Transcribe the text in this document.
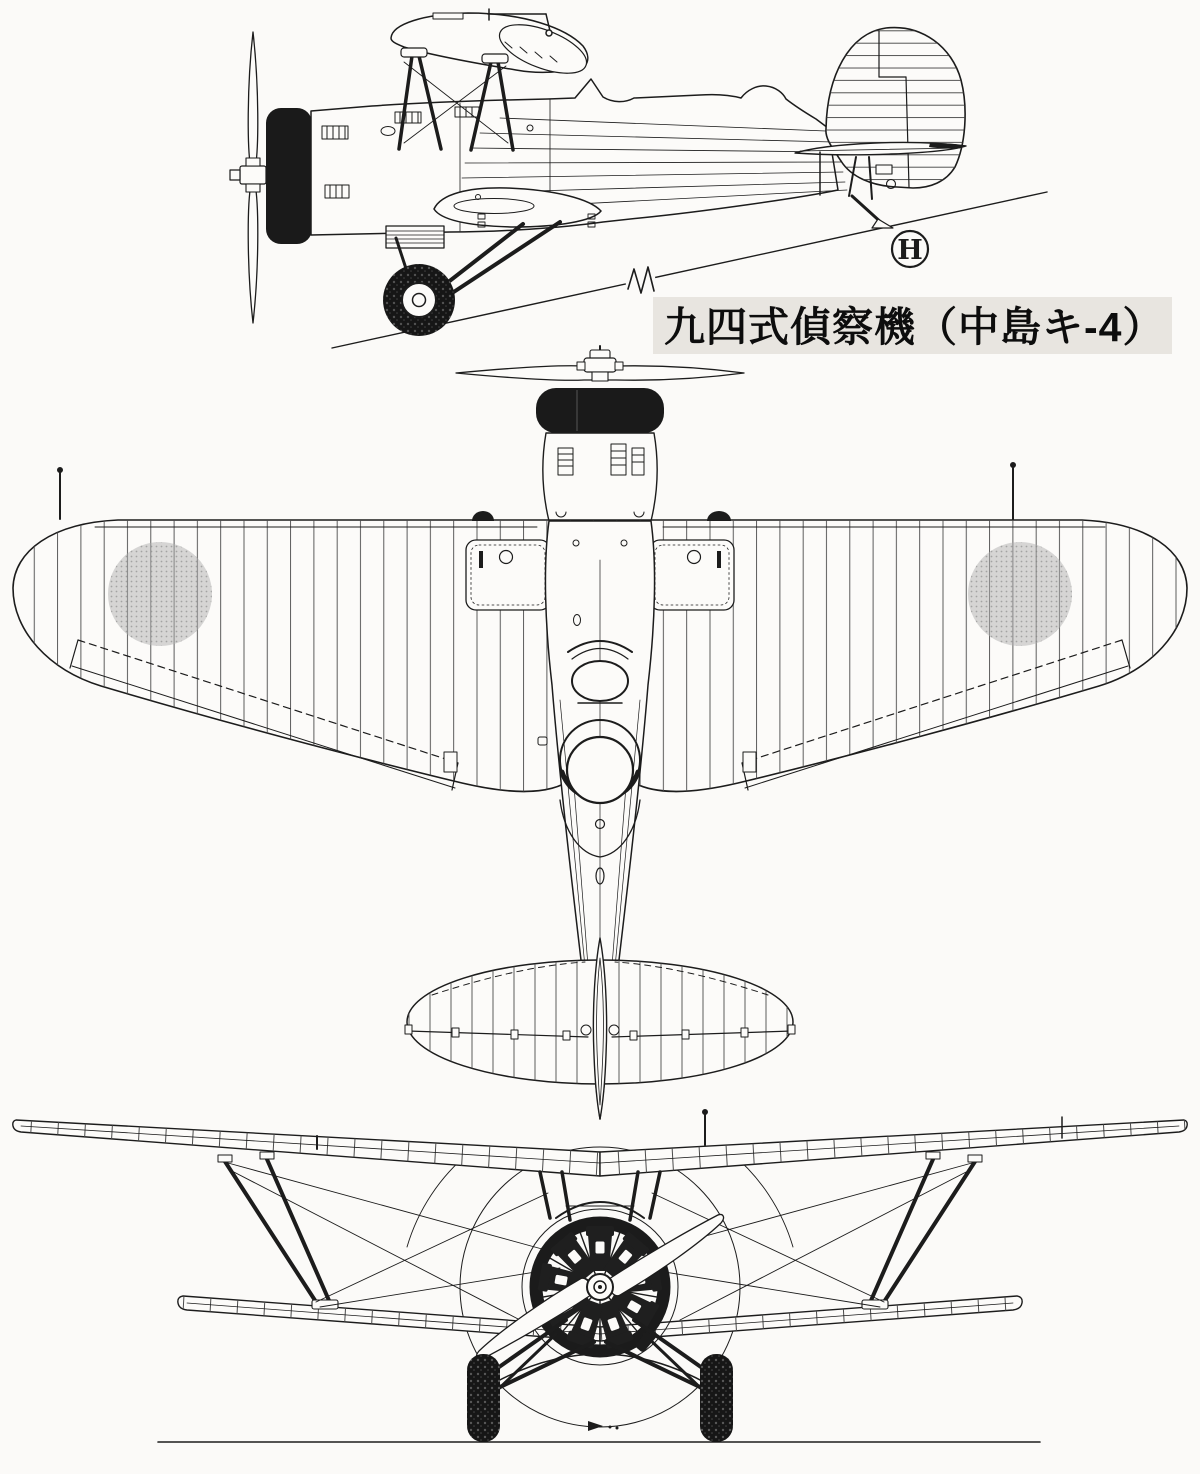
H
九四式偵察機（中島キ-4）
